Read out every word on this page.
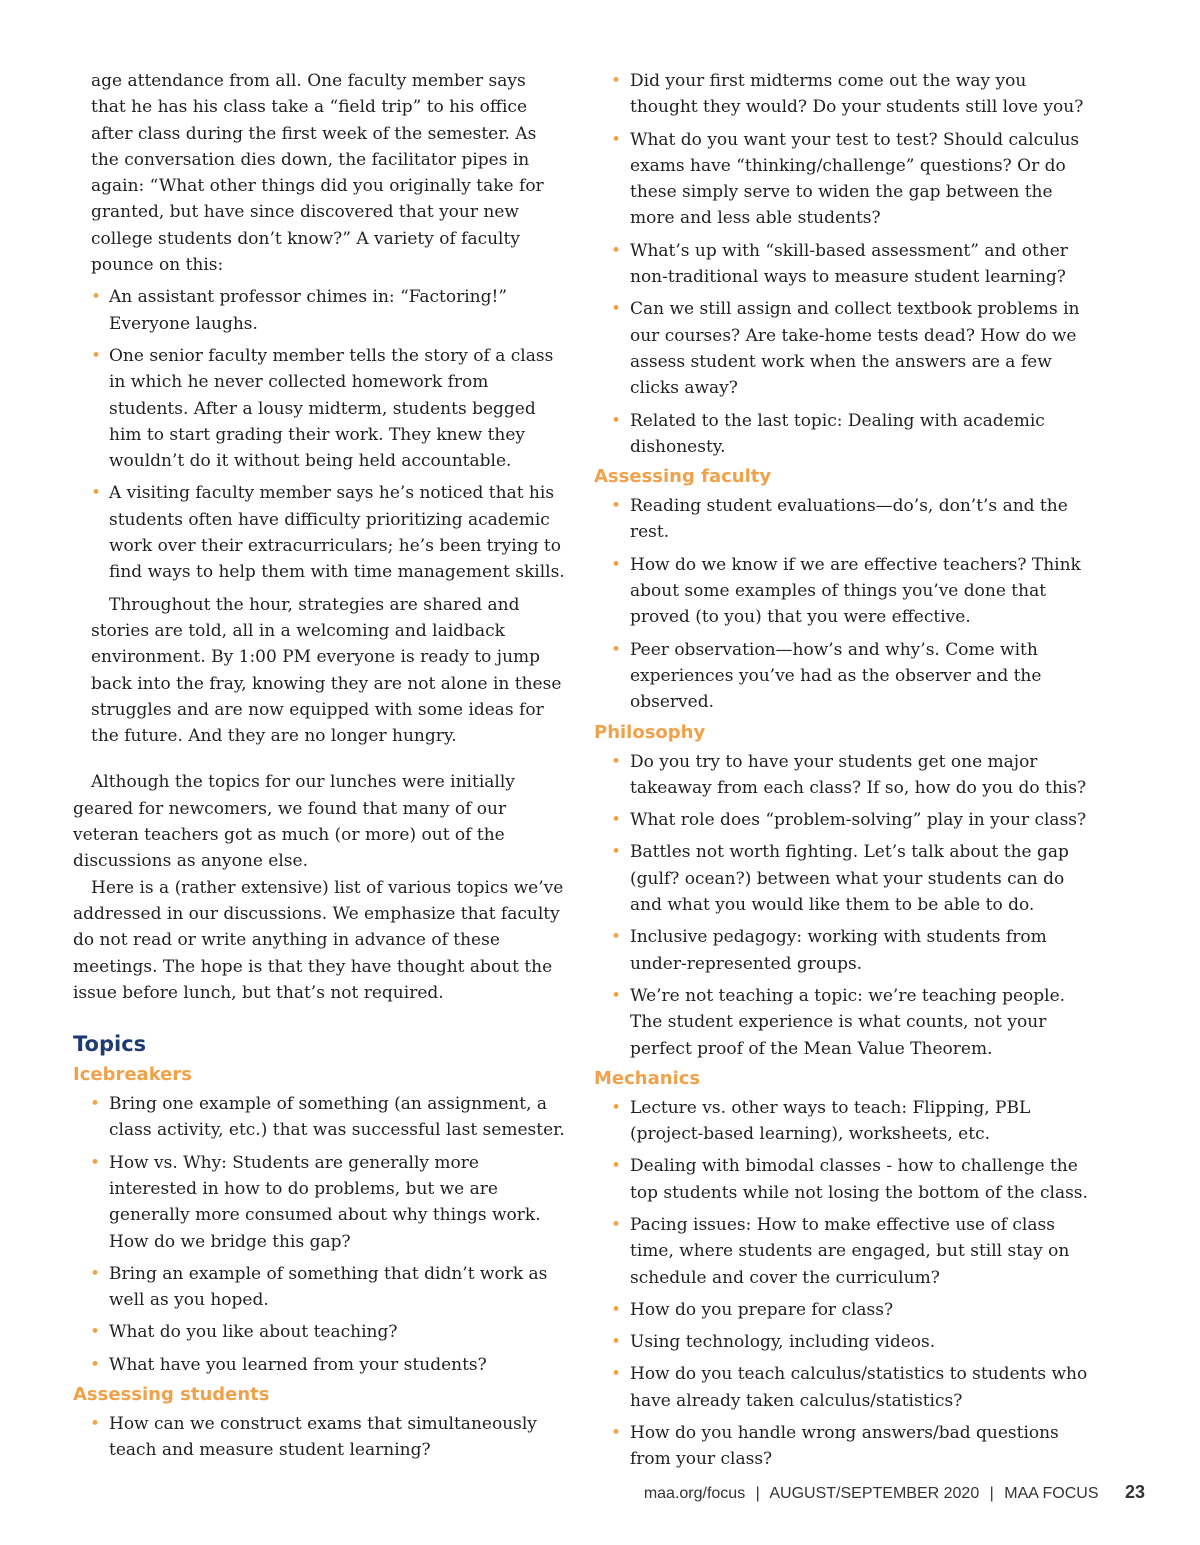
age attendance from all. One faculty member says that he has his class take a “field trip” to his office after class during the first week of the semester. As the conversation dies down, the facilitator pipes in again: “What other things did you originally take for granted, but have since discovered that your new college students don’t know?” A variety of faculty pounce on this:

• An assistant professor chimes in: “Factoring!” Everyone laughs.
• One senior faculty member tells the story of a class in which he never collected homework from students. After a lousy midterm, students begged him to start grading their work. They knew they wouldn’t do it without being held accountable.
• A visiting faculty member says he’s noticed that his students often have difficulty prioritizing academic work over their extracurriculars; he’s been trying to find ways to help them with time management skills.

Throughout the hour, strategies are shared and stories are told, all in a welcoming and laidback environment. By 1:00 PM everyone is ready to jump back into the fray, knowing they are not alone in these struggles and are now equipped with some ideas for the future. And they are no longer hungry.

Although the topics for our lunches were initially geared for newcomers, we found that many of our veteran teachers got as much (or more) out of the discussions as anyone else.

Here is a (rather extensive) list of various topics we’ve addressed in our discussions. We emphasize that faculty do not read or write anything in advance of these meetings. The hope is that they have thought about the issue before lunch, but that’s not required.

Topics
Icebreakers
• Bring one example of something (an assignment, a class activity, etc.) that was successful last semester.
• How vs. Why: Students are generally more interested in how to do problems, but we are generally more consumed about why things work. How do we bridge this gap?
• Bring an example of something that didn’t work as well as you hoped.
• What do you like about teaching?
• What have you learned from your students?
Assessing students
• How can we construct exams that simultaneously teach and measure student learning?
• Did your first midterms come out the way you thought they would? Do your students still love you?
• What do you want your test to test? Should calculus exams have “thinking/challenge” questions? Or do these simply serve to widen the gap between the more and less able students?
• What’s up with “skill-based assessment” and other non-traditional ways to measure student learning?
• Can we still assign and collect textbook problems in our courses? Are take-home tests dead? How do we assess student work when the answers are a few clicks away?
• Related to the last topic: Dealing with academic dishonesty.
Assessing faculty
• Reading student evaluations—do’s, don’t’s and the rest.
• How do we know if we are effective teachers? Think about some examples of things you’ve done that proved (to you) that you were effective.
• Peer observation—how’s and why’s. Come with experiences you’ve had as the observer and the observed.
Philosophy
• Do you try to have your students get one major takeaway from each class? If so, how do you do this?
• What role does “problem-solving” play in your class?
• Battles not worth fighting. Let’s talk about the gap (gulf? ocean?) between what your students can do and what you would like them to be able to do.
• Inclusive pedagogy: working with students from under-represented groups.
• We’re not teaching a topic: we’re teaching people. The student experience is what counts, not your perfect proof of the Mean Value Theorem.
Mechanics
• Lecture vs. other ways to teach: Flipping, PBL (project-based learning), worksheets, etc.
• Dealing with bimodal classes - how to challenge the top students while not losing the bottom of the class.
• Pacing issues: How to make effective use of class time, where students are engaged, but still stay on schedule and cover the curriculum?
• How do you prepare for class?
• Using technology, including videos.
• How do you teach calculus/statistics to students who have already taken calculus/statistics?
• How do you handle wrong answers/bad questions from your class?
maa.org/focus | AUGUST/SEPTEMBER 2020 | MAA FOCUS 23
